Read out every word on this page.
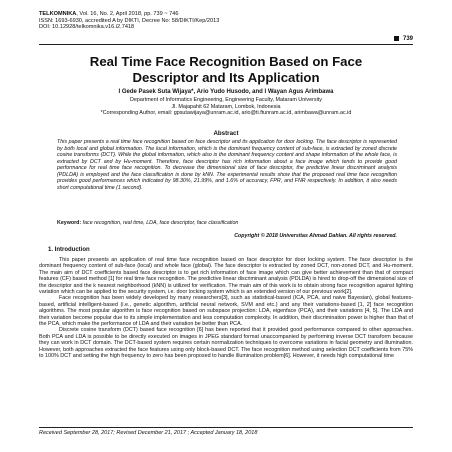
TELKOMNIKA, Vol. 16, No. 2, April 2018, pp. 739 ~ 746
ISSN: 1693-6930, accredited A by DIKTI, Decree No: 58/DIKTI/Kep/2013
DOI: 10.12928/telkomnika.v16.i2.7418
739
Real Time Face Recognition Based on Face Descriptor and Its Application
I Gede Pasek Suta Wijaya*, Ario Yudo Husodo, and I Wayan Agus Arimbawa
Department of Informatics Engineering, Engineering Faculty, Mataram University
Jl. Majapahit 62 Mataram, Lombok, Indonesia
*Corresponding Author, email: gpsutawijaya@unram.ac.id, ario@ti.ftunram.ac.id, arimbawa@unram.ac.id
Abstract
This paper presents a real time face recognition based on face descriptor and its application for door locking. The face descriptor is represented by both local and global information. The local information, which is the dominant frequency content of sub-face, is extracted by zoned discrete cosine transforms (DCT). While the global information, which also is the dominant frequency content and shape information of the whole face, is extracted by DCT and by Hu-moment. Therefore, face descriptor has rich information about a face image which tends to provide good performance for real time face recognition. To decrease the dimensional size of face descriptor, the predictive linear discriminant analysis (PDLDA) is employed and the face classification is done by kNN. The experimental results show that the proposed real time face recognition provides good performances which indicated by 98.30%, 21.99%, and 1.6% of accuracy, FPR, and FNR respectively. In addition, it also needs short computational time (1 second).
Keyword: face recognition, real time, LDA, face descriptor, face classification
Copyright © 2018 Universitas Ahmad Dahlan. All rights reserved.
1. Introduction

This paper presents an application of real time face recognition based on face descriptor for door locking system. The face descriptor is the dominant frequency content of sub-face (local) and whole face (global). The face descriptor is extracted by zoned DCT, non-zoned DCT, and Hu-moment. The main aim of DCT coefficients based face descriptor is to get rich information of face image which can give better achievement than that of compact features (CF) based method [1] for real time face recognition. The predictive linear discriminant analysis (PDLDA) is hired to drop-off the dimensional size of the descriptor and the k nearest neighborhood (kNN) is utilized for verification. The main aim of this work is to obtain strong face recognition against lighting variation which can be applied to the security system, i.e. door locking system which is an extended version of our previous work[2].

Face recognition has been widely developed by many researchers[3], such as statistical-based (ICA, PCA, and naive Bayesian), global features-based, artificial intelligent-based (i.e., genetic algorithm, artificial neural network, SVM and etc.) and any their variations-based [1, 2] face recognition algorithms. The most popular algorithm is face recognition based on subspace projection: LDA, eigenface (PCA), and their variations [4, 5]. The LDA and their variation become popular due to its simple implementation and less computation complexity. In addition, their discrimination power is higher than that of the PCA, which make the performance of LDA and their variation be better than PCA.

Discrete cosine transform (DCT) based face recognition [6] has been reported that it provided good performance compared to other approaches. Both PCA and LDA is possible to be directly executed on images in JPEG standard format unaccompanied by performing inverse DCT transform because they can work in DCT domain. The DCT-based system requires certain normalization techniques to overcome variations in facial geometry and illumination. However, both approaches extracted the face features using only block-based DCT. The face recognition method using selection DCT coefficients from 75% to 100% DCT and setting the high frequency to zero has been proposed to handle illumination problem[6]. However, it needs high computational time

Received September 28, 2017; Revised December 21, 2017 ; Accepted January 18, 2018
